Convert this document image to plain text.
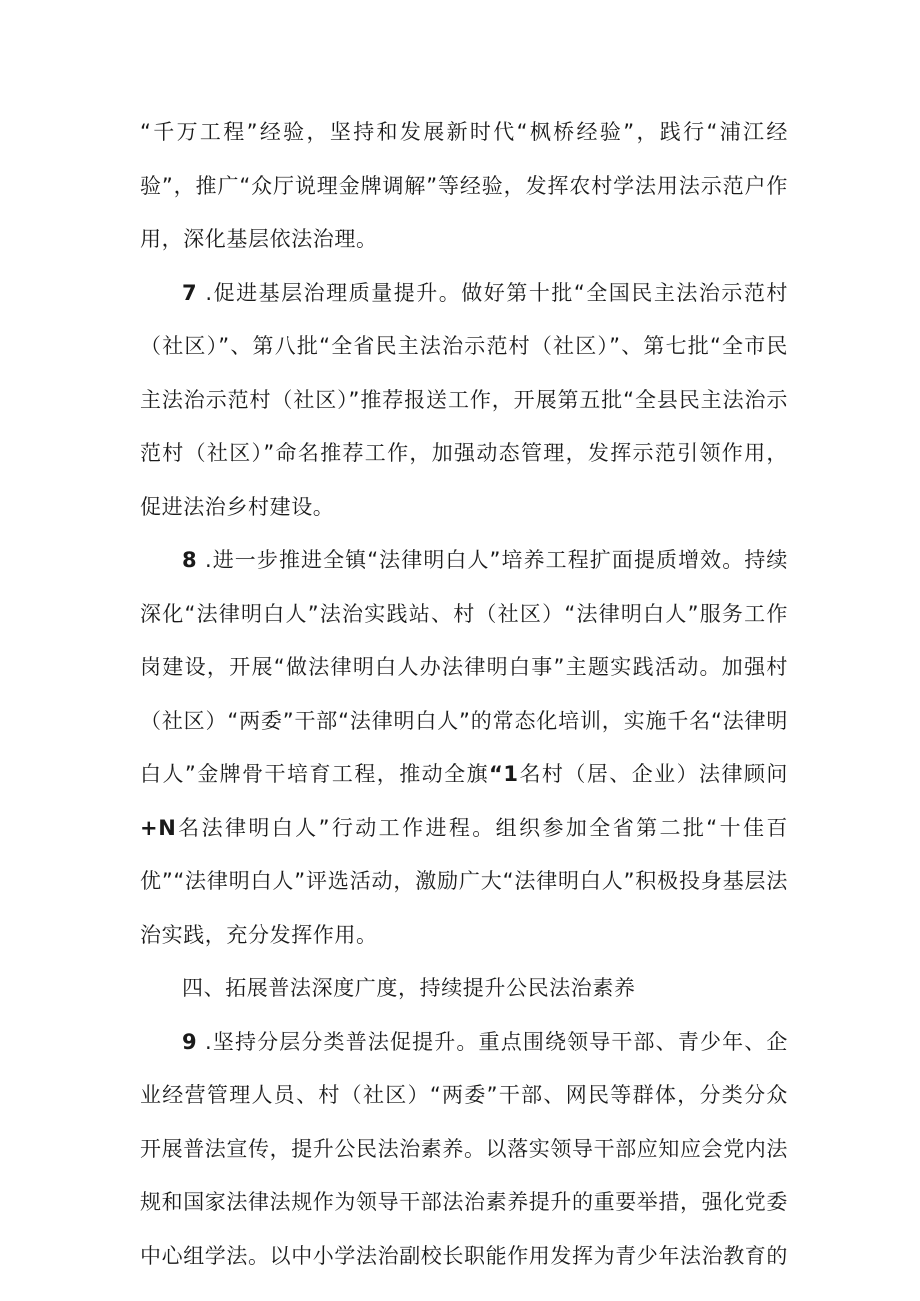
“千万工程”经验，坚持和发展新时代“枫桥经验”，践行“浦江经验”，推广“众厅说理金牌调解”等经验，发挥农村学法用法示范户作用，深化基层依法治理。

7 .促进基层治理质量提升。做好第十批“全国民主法治示范村（社区）”、第八批“全省民主法治示范村（社区）”、第七批“全市民主法治示范村（社区）”推荐报送工作，开展第五批“全县民主法治示范村（社区）”命名推荐工作，加强动态管理，发挥示范引领作用，促进法治乡村建设。

8 .进一步推进全镇“法律明白人”培养工程扩面提质增效。持续深化“法律明白人”法治实践站、村（社区）“法律明白人”服务工作岗建设，开展“做法律明白人办法律明白事”主题实践活动。加强村（社区）“两委”干部“法律明白人”的常态化培训，实施千名“法律明白人”金牌骨干培育工程，推动全旗“1名村（居、企业）法律顾问+N名法律明白人”行动工作进程。组织参加全省第二批“十佳百优”“法律明白人”评选活动，激励广大“法律明白人”积极投身基层法治实践，充分发挥作用。

四、拓展普法深度广度，持续提升公民法治素养

9 .坚持分层分类普法促提升。重点围绕领导干部、青少年、企业经营管理人员、村（社区）“两委”干部、网民等群体，分类分众开展普法宣传，提升公民法治素养。以落实领导干部应知应会党内法规和国家法律法规作为领导干部法治素养提升的重要举措，强化党委中心组学法。以中小学法治副校长职能作用发挥为青少年法治教育的
